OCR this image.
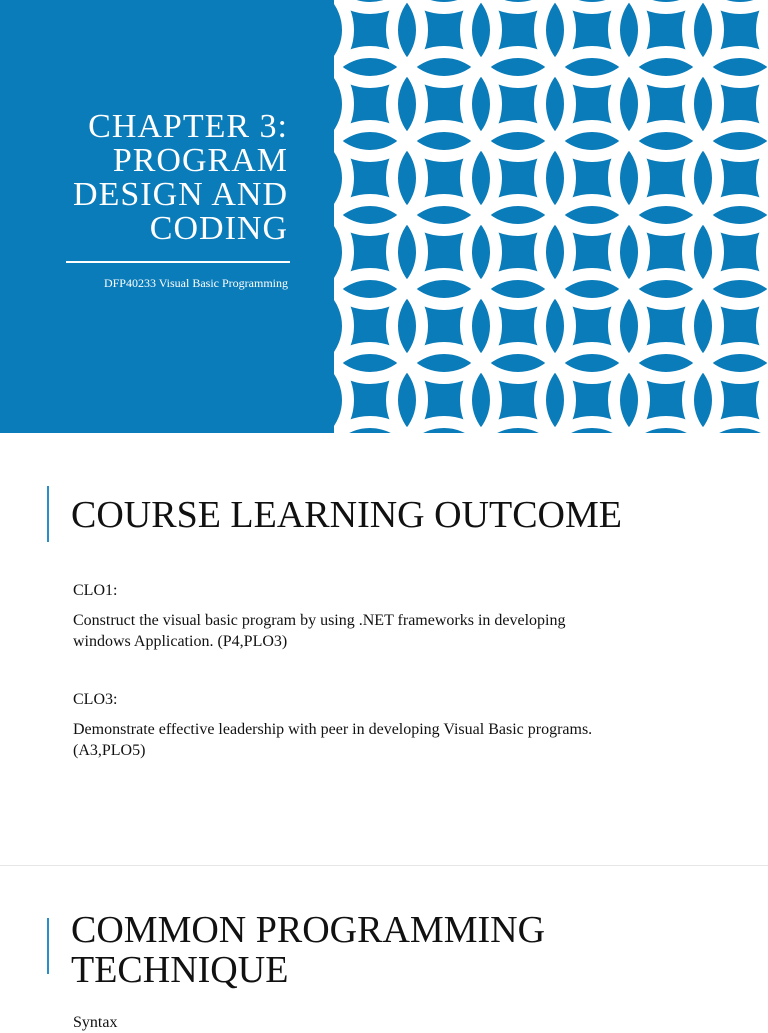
CHAPTER 3:
PROGRAM
DESIGN AND
CODING
DFP40233 Visual Basic Programming
COURSE LEARNING OUTCOME
CLO1:
Construct the visual basic program by using .NET frameworks in developing
windows Application. (P4,PLO3)
CLO3:
Demonstrate effective leadership with peer in developing Visual Basic programs.
(A3,PLO5)
COMMON PROGRAMMING
TECHNIQUE
Syntax
